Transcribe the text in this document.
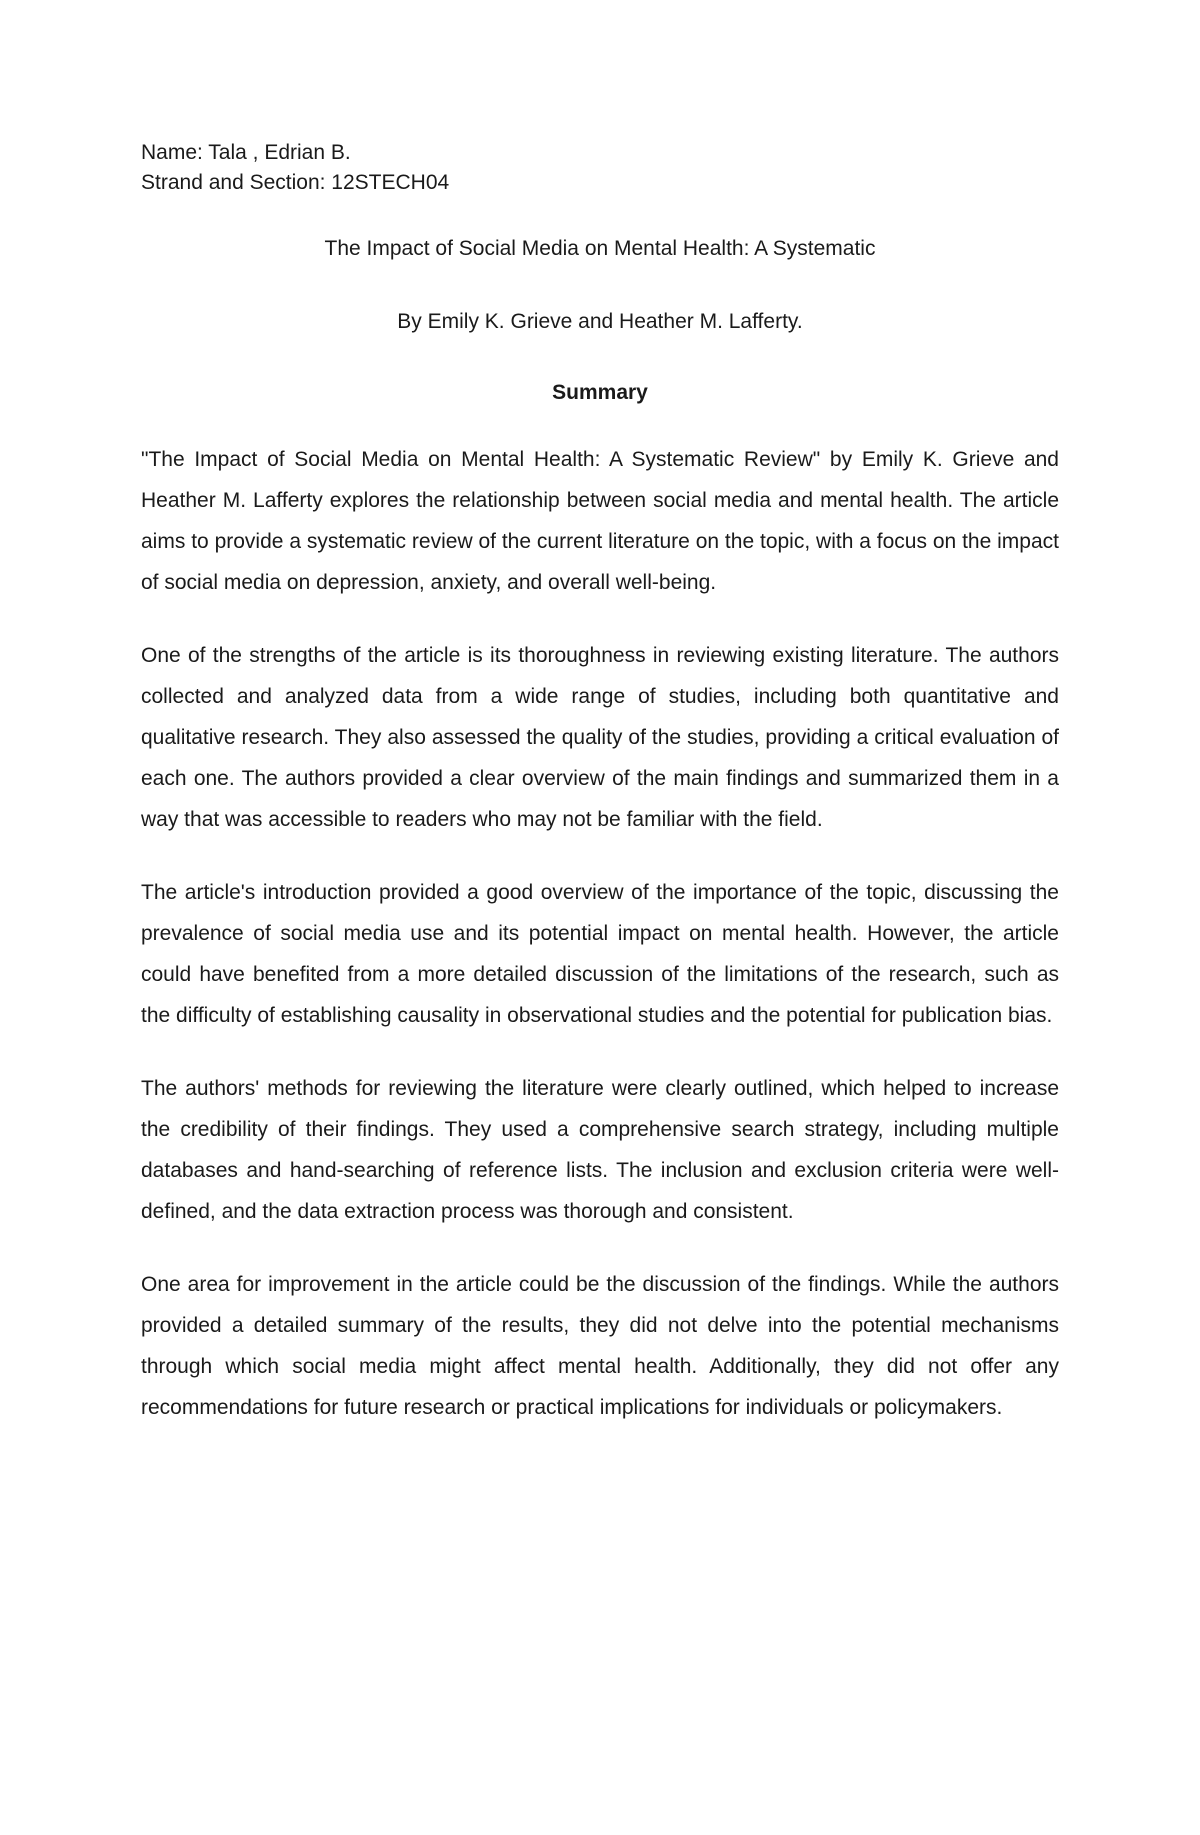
Name: Tala , Edrian B.

Strand and Section: 12STECH04

The Impact of Social Media on Mental Health: A Systematic

By Emily K. Grieve and Heather M. Lafferty.

Summary

"The Impact of Social Media on Mental Health: A Systematic Review" by Emily K. Grieve and Heather M. Lafferty explores the relationship between social media and mental health. The article aims to provide a systematic review of the current literature on the topic, with a focus on the impact of social media on depression, anxiety, and overall well-being.

One of the strengths of the article is its thoroughness in reviewing existing literature. The authors collected and analyzed data from a wide range of studies, including both quantitative and qualitative research. They also assessed the quality of the studies, providing a critical evaluation of each one. The authors provided a clear overview of the main findings and summarized them in a way that was accessible to readers who may not be familiar with the field.

The article's introduction provided a good overview of the importance of the topic, discussing the prevalence of social media use and its potential impact on mental health. However, the article could have benefited from a more detailed discussion of the limitations of the research, such as the difficulty of establishing causality in observational studies and the potential for publication bias.

The authors' methods for reviewing the literature were clearly outlined, which helped to increase the credibility of their findings. They used a comprehensive search strategy, including multiple databases and hand-searching of reference lists. The inclusion and exclusion criteria were well-defined, and the data extraction process was thorough and consistent.

One area for improvement in the article could be the discussion of the findings. While the authors provided a detailed summary of the results, they did not delve into the potential mechanisms through which social media might affect mental health. Additionally, they did not offer any recommendations for future research or practical implications for individuals or policymakers.
